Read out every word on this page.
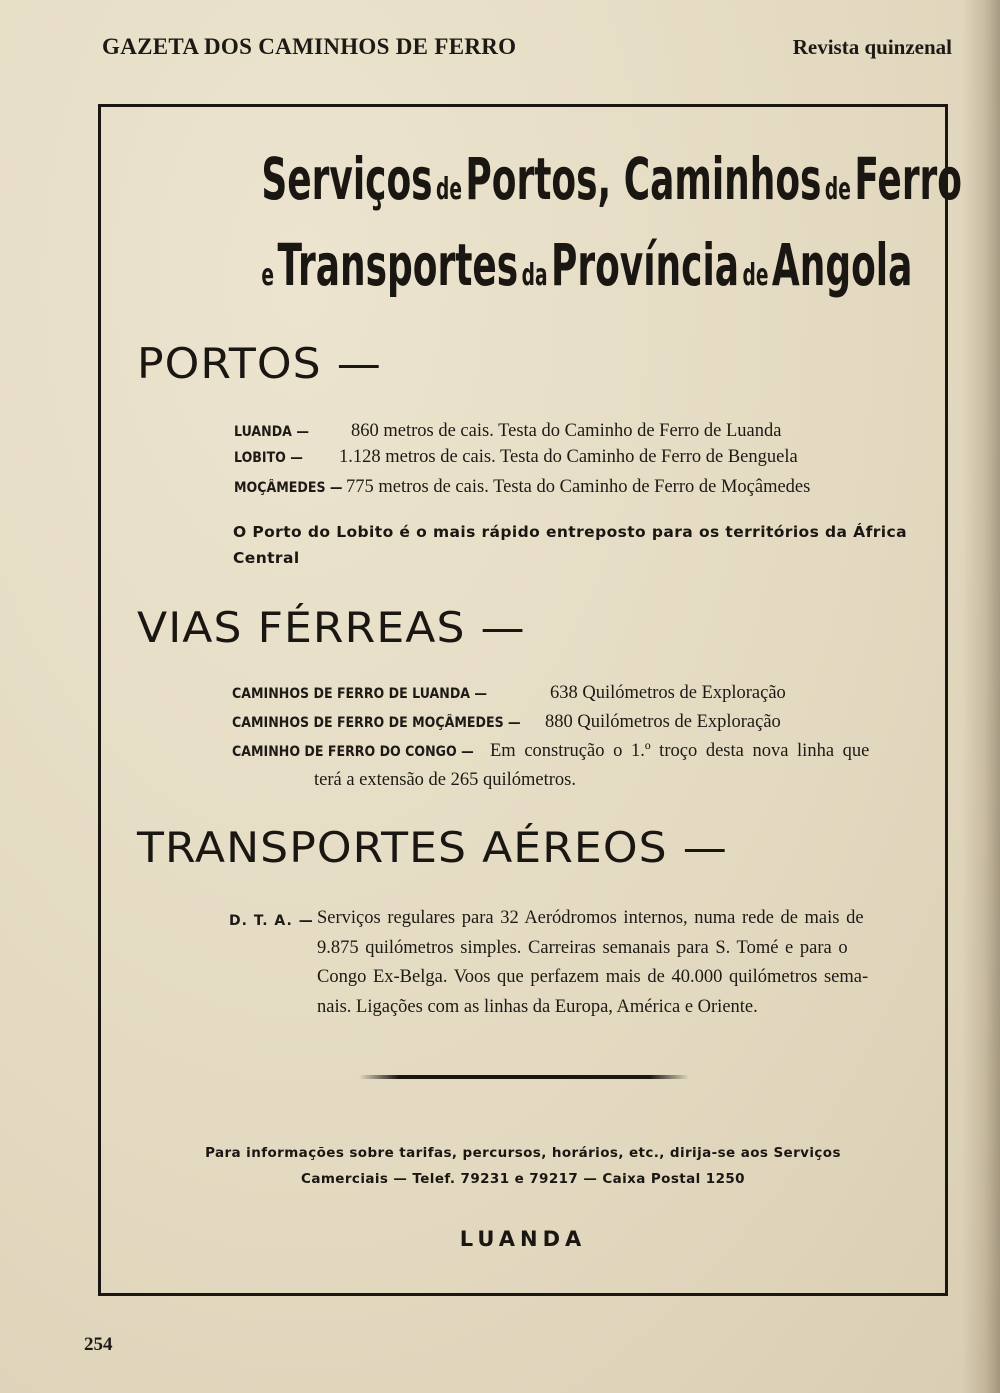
GAZETA DOS CAMINHOS DE FERRO	Revista quinzenal
Serviços de Portos, Caminhos de Ferro
e Transportes da Província de Angola
PORTOS —
LUANDA — 860 metros de cais. Testa do Caminho de Ferro de Luanda
LOBITO — 1.128 metros de cais. Testa do Caminho de Ferro de Benguela
MOÇÂMEDES — 775 metros de cais. Testa do Caminho de Ferro de Moçâmedes
O Porto do Lobito é o mais rápido entreposto para os territórios da África Central
VIAS FÉRREAS —
CAMINHOS DE FERRO DE LUANDA —	638 Quilómetros de Exploração
CAMINHOS DE FERRO DE MOÇÂMEDES — 880 Quilómetros de Exploração
CAMINHO DE FERRO DO CONGO — Em construção o 1.º troço desta nova linha que
terá a extensão de 265 quilómetros.
TRANSPORTES AÉREOS —
D. T. A. — Serviços regulares para 32 Aeródromos internos, numa rede de mais de
9.875 quilómetros simples. Carreiras semanais para S. Tomé e para o
Congo Ex-Belga. Voos que perfazem mais de 40.000 quilómetros sema-
nais. Ligações com as linhas da Europa, América e Oriente.
Para informações sobre tarifas, percursos, horários, etc., dirija-se aos Serviços
Camerciais — Telef. 79231 e 79217 — Caixa Postal 1250
LUANDA
254
